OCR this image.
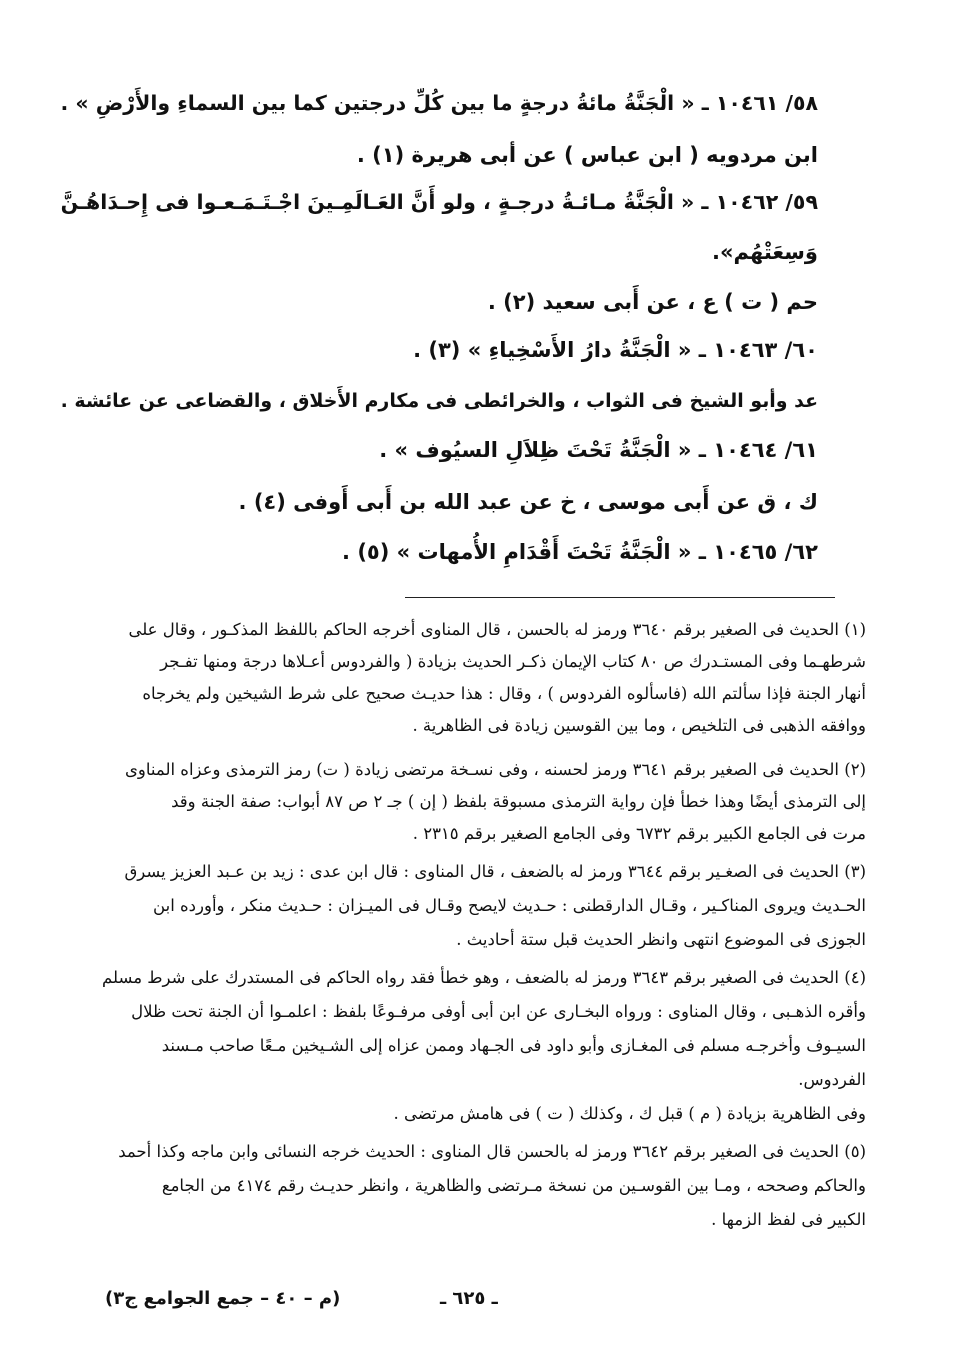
٥٨/ ١٠٤٦١ ـ « الْجَنَّةُ مائةُ درجةٍ ما بين كُلِّ درجتين كما بين السماءِ والأَرْضِ » .
ابن مردويه ( ابن عباس ) عن أبى هريرة (١) .
٥٩/ ١٠٤٦٢ ـ « الْجَنَّةُ مـائـةُ درجـةٍ ، ولو أَنَّ العَـالَمِـينَ اجْـتَـمَـعـوا فى إِحـدَاهُـنَّ
وَسِعَتْهُم».
حم ( ت ) ع ، عن أَبى سعيد (٢) .
٦٠/ ١٠٤٦٣ ـ « الْجَنَّةُ دارُ الأَسْخِياءِ » (٣) .
عد وأبو الشيخ فى الثواب ، والخرائطى فى مكارم الأَخلاق ، والقضاعى عن عائشة .
٦١/ ١٠٤٦٤ ـ « الْجَنَّةُ تَحْتَ ظِلاَلِ السيُوف » .
ك ، ق عن أَبى موسى ، خ عن عبد الله بن أَبى أَوفى (٤) .
٦٢/ ١٠٤٦٥ ـ « الْجَنَّةُ تَحْتَ أَقْدَامِ الأُمهات » (٥) .
(١) الحديث فى الصغير برقم ٣٦٤٠ ورمز له بالحسن ، قال المناوى أخرجه الحاكم باللفظ المذكـور ، وقال على
شرطهـما وفى المستـدرك ص ٨٠ كتاب الإيمان ذكـر الحديث بزيادة ( والفردوس أعـلاها درجة ومنها تفـجر
أنهار الجنة فإذا سألتم الله (فاسألوه الفردوس ) ، وقال : هذا حديـث صحيح على شرط الشيخين ولم يخرجاه
ووافقه الذهبى فى التلخيص ، وما بين القوسين زيادة فى الظاهرية .
(٢) الحديث فى الصغير برقم ٣٦٤١ ورمز لحسنه ، وفى نسـخة مرتضى زيادة ( ت) رمز الترمذى وعزاه المناوى
إلى الترمذى أيضًا وهذا خطأ فإن رواية الترمذى مسبوقة بلفظ ( إن ) جـ ٢ ص ٨٧ أبواب: صفة الجنة وقد
مرت فى الجامع الكبير برقم ٦٧٣٢ وفى الجامع الصغير برقم ٢٣١٥ .
(٣) الحديث فى الصغـير برقم ٣٦٤٤ ورمز له بالضعف ، قال المناوى : قال ابن عدى : زيد بن عـبد العزيز يسرق
الحـديث ويروى المناكـير ، وقـال الدارقطنى : حـديث لايصح وقـال فى الميـزان : حـديث منكر ، وأورده ابن
الجوزى فى الموضوع انتهى وانظر الحديث قبل ستة أحاديث .
(٤) الحديث فى الصغير برقم ٣٦٤٣ ورمز له بالضعف ، وهو خطأ فقد رواه الحاكم فى المستدرك على شرط مسلم
وأقره الذهـبى ، وقال المناوى : ورواه البخـارى عن ابن أبى أوفى مرفـوعًا بلفظ : اعلمـوا أن الجنة تحت ظلال
السيـوف وأخرجـه مسلم فى المغـازى وأبو داود فى الجـهاد وممن عزاه إلى الشـيخين مـعًا صاحب مـسند
الفردوس.
وفى الظاهرية بزيادة ( م ) قبل ك ، وكذلك ( ت ) فى هامش مرتضى .
(٥) الحديث فى الصغير برقم ٣٦٤٢ ورمز له بالحسن قال المناوى : الحديث خرجه النسائى وابن ماجه وكذا أحمد
والحاكم وصححه ، ومـا بين القوسـين من نسخة مـرتضى والظاهرية ، وانظر حديـث رقم ٤١٧٤ من الجامع
الكبير فى لفظ الزمها .
ـ ٦٢٥ ـ
(م – ٤٠ – جمع الجوامع ج٣)
